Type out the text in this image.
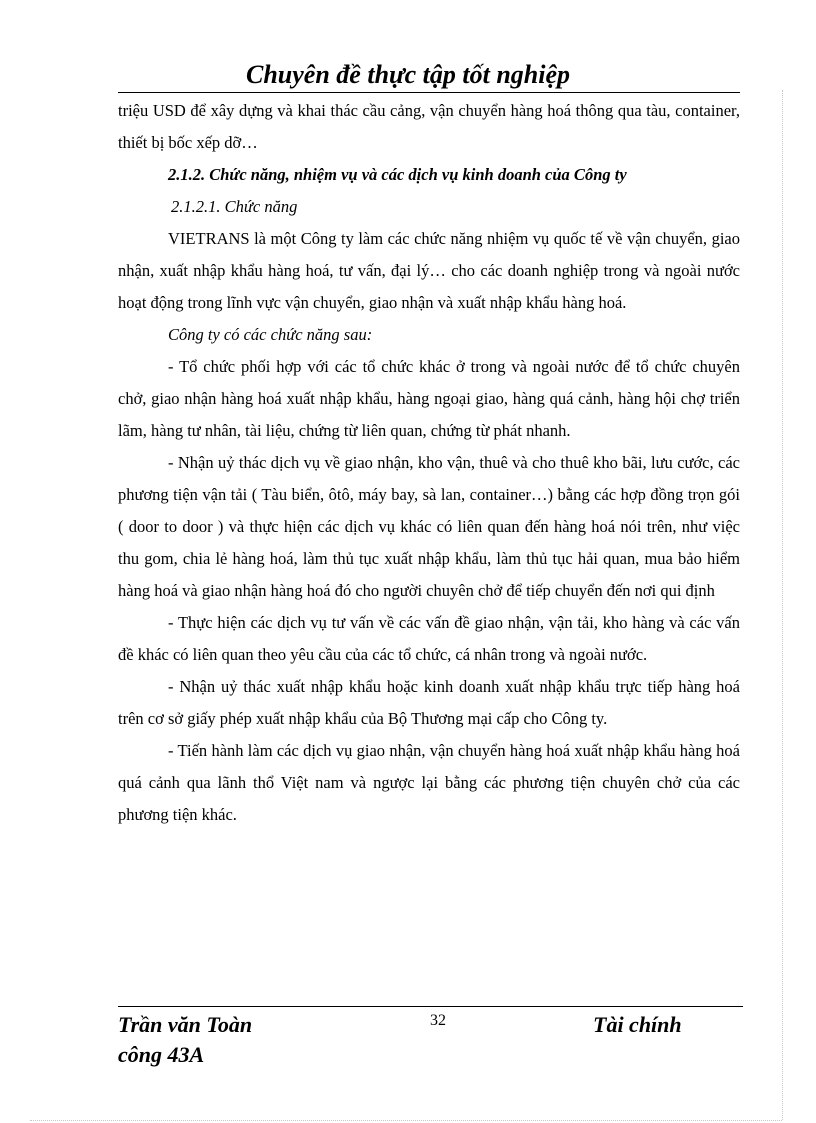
Chuyên đề thực tập tốt nghiệp

triệu USD để xây dựng và khai thác cầu cảng, vận chuyển hàng hoá thông qua tàu, container, thiết bị bốc xếp dỡ…

2.1.2. Chức năng, nhiệm vụ và các dịch vụ kinh doanh của Công ty

2.1.2.1. Chức năng

VIETRANS là một Công ty làm các chức năng nhiệm vụ quốc tế về vận chuyển, giao nhận, xuất nhập khẩu hàng hoá, tư vấn, đại lý… cho các doanh nghiệp trong và ngoài nước hoạt động trong lĩnh vực vận chuyển, giao nhận và xuất nhập khẩu hàng hoá.

Công ty có các chức năng sau:

- Tổ chức phối hợp với các tổ chức khác ở trong và ngoài nước để tổ chức chuyên chở, giao nhận hàng hoá xuất nhập khẩu, hàng ngoại giao, hàng quá cảnh, hàng hội chợ triển lãm, hàng tư nhân, tài liệu, chứng từ liên quan, chứng từ phát nhanh.

- Nhận uỷ thác dịch vụ về giao nhận, kho vận, thuê và cho thuê kho bãi, lưu cước, các phương tiện vận tải ( Tàu biển, ôtô, máy bay, sà lan, container…) bằng các hợp đồng trọn gói ( door to door ) và thực hiện các dịch vụ khác có liên quan đến hàng hoá nói trên, như việc thu gom, chia lẻ hàng hoá, làm thủ tục xuất nhập khẩu, làm thủ tục hải quan, mua bảo hiểm hàng hoá và giao nhận hàng hoá đó cho người chuyên chở để tiếp chuyển đến nơi qui định

- Thực hiện các dịch vụ tư vấn về các vấn đề giao nhận, vận tải, kho hàng và các vấn đề khác có liên quan theo yêu cầu của các tổ chức, cá nhân trong và ngoài nước.

- Nhận uỷ thác xuất nhập khẩu hoặc kinh doanh xuất nhập khẩu trực tiếp hàng hoá trên cơ sở giấy phép xuất nhập khẩu của Bộ Thương mại cấp cho Công ty.

- Tiến hành làm các dịch vụ giao nhận, vận chuyển hàng hoá xuất nhập khẩu hàng hoá quá cảnh qua lãnh thổ Việt nam và ngược lại bằng các phương tiện chuyên chở của các phương tiện khác.

Trần văn Toàn
công 43A
32	Tài chính
